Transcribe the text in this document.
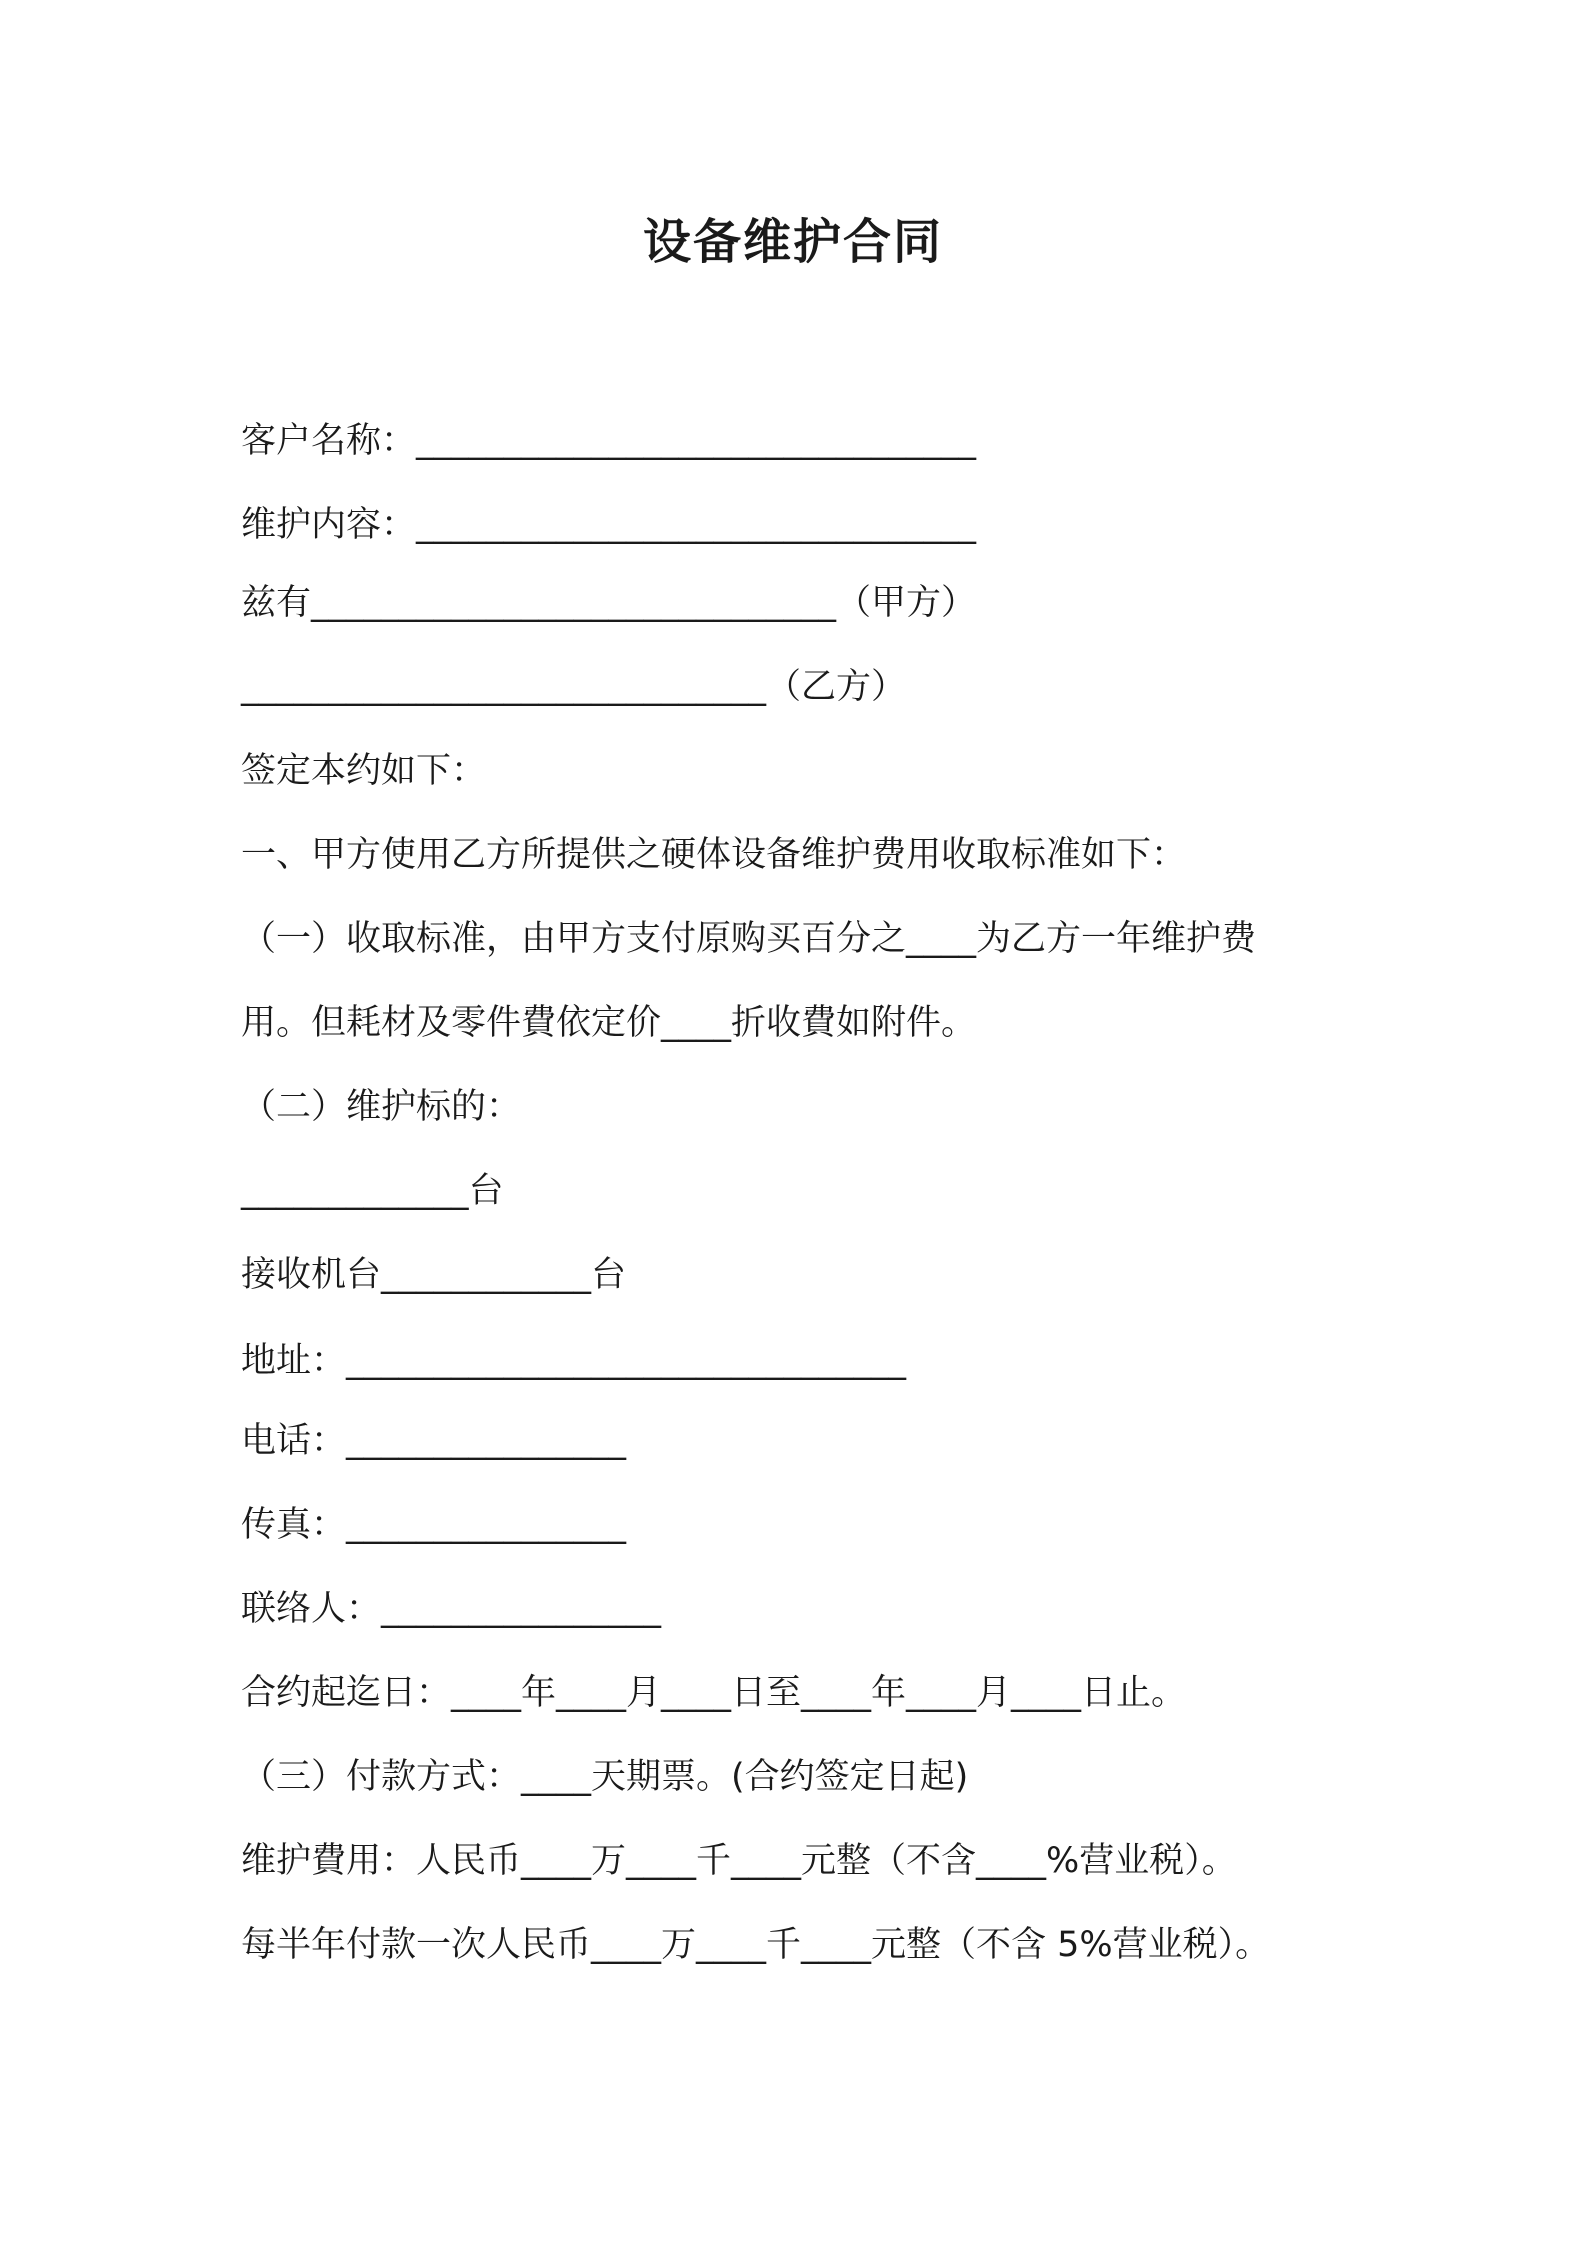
设备维护合同
客户名称：________________________________
维护内容：________________________________
兹有______________________________（甲方）
______________________________（乙方）
签定本约如下：
一、甲方使用乙方所提供之硬体设备维护费用收取标准如下：
（一）收取标准，由甲方支付原购买百分之____为乙方一年维护费
用。但耗材及零件費依定价____折收費如附件。
（二）维护标的：
_____________台
接收机台____________台
地址：________________________________
电话：________________
传真：________________
联络人：________________
合约起迄日：____年____月____日至____年____月____日止。
（三）付款方式：____天期票。(合约签定日起)
维护費用：人民币____万____千____元整（不含____%营业税）。
每半年付款一次人民币____万____千____元整（不含 5%营业税）。
